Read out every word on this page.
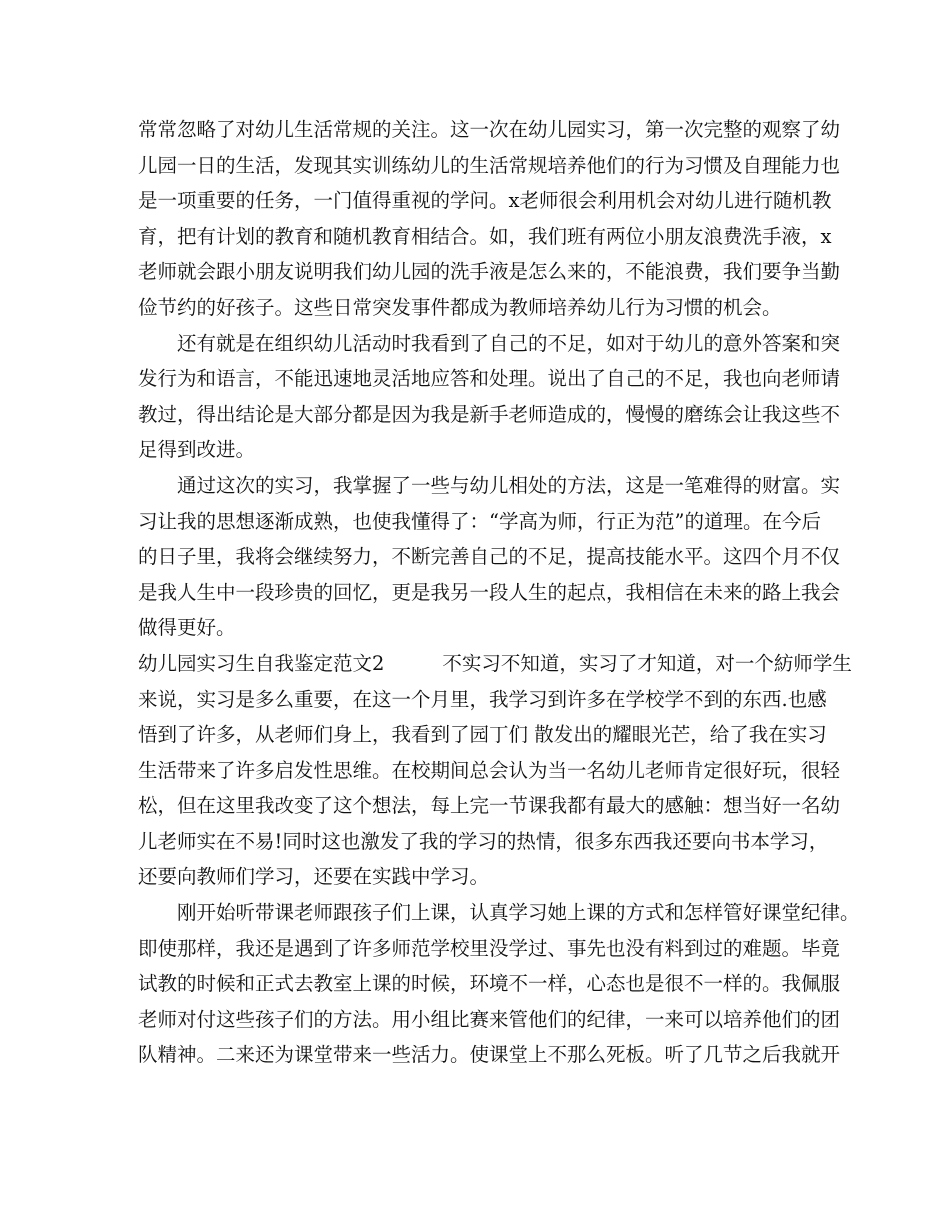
常常忽略了对幼儿生活常规的关注。这一次在幼儿园实习，第一次完整的观察了幼
儿园一日的生活，发现其实训练幼儿的生活常规培养他们的行为习惯及自理能力也
是一项重要的任务，一门值得重视的学问。x老师很会利用机会对幼儿进行随机教
育，把有计划的教育和随机教育相结合。如，我们班有两位小朋友浪费洗手液，x
老师就会跟小朋友说明我们幼儿园的洗手液是怎么来的，不能浪费，我们要争当勤
俭节约的好孩子。这些日常突发事件都成为教师培养幼儿行为习惯的机会。
还有就是在组织幼儿活动时我看到了自己的不足，如对于幼儿的意外答案和突
发行为和语言，不能迅速地灵活地应答和处理。说出了自己的不足，我也向老师请
教过，得出结论是大部分都是因为我是新手老师造成的，慢慢的磨练会让我这些不
足得到改进。
通过这次的实习，我掌握了一些与幼儿相处的方法，这是一笔难得的财富。实
习让我的思想逐渐成熟，也使我懂得了：“学高为师，行正为范”的道理。在今后
的日子里，我将会继续努力，不断完善自己的不足，提高技能水平。这四个月不仅
是我人生中一段珍贵的回忆，更是我另一段人生的起点，我相信在未来的路上我会
做得更好。
幼儿园实习生自我鉴定范文2	不实习不知道，实习了才知道，对一个紡师学生
来说，实习是多么重要，在这一个月里，我学习到许多在学校学不到的东西.也感
悟到了许多，从老师们身上，我看到了园丁们 散发出的耀眼光芒，给了我在实习
生活带来了许多启发性思维。在校期间总会认为当一名幼儿老师肯定很好玩，很轻
松，但在这里我改变了这个想法，每上完一节课我都有最大的感触：想当好一名幼
儿老师实在不易!同时这也激发了我的学习的热情，很多东西我还要向书本学习，
还要向教师们学习，还要在实践中学习。
刚开始听带课老师跟孩子们上课，认真学习她上课的方式和怎样管好课堂纪律。
即使那样，我还是遇到了许多师范学校里没学过、事先也没有料到过的难题。毕竟
试教的时候和正式去教室上课的时候，环境不一样，心态也是很不一样的。我佩服
老师对付这些孩子们的方法。用小组比赛来管他们的纪律，一来可以培养他们的团
队精神。二来还为课堂带来一些活力。使课堂上不那么死板。听了几节之后我就开
